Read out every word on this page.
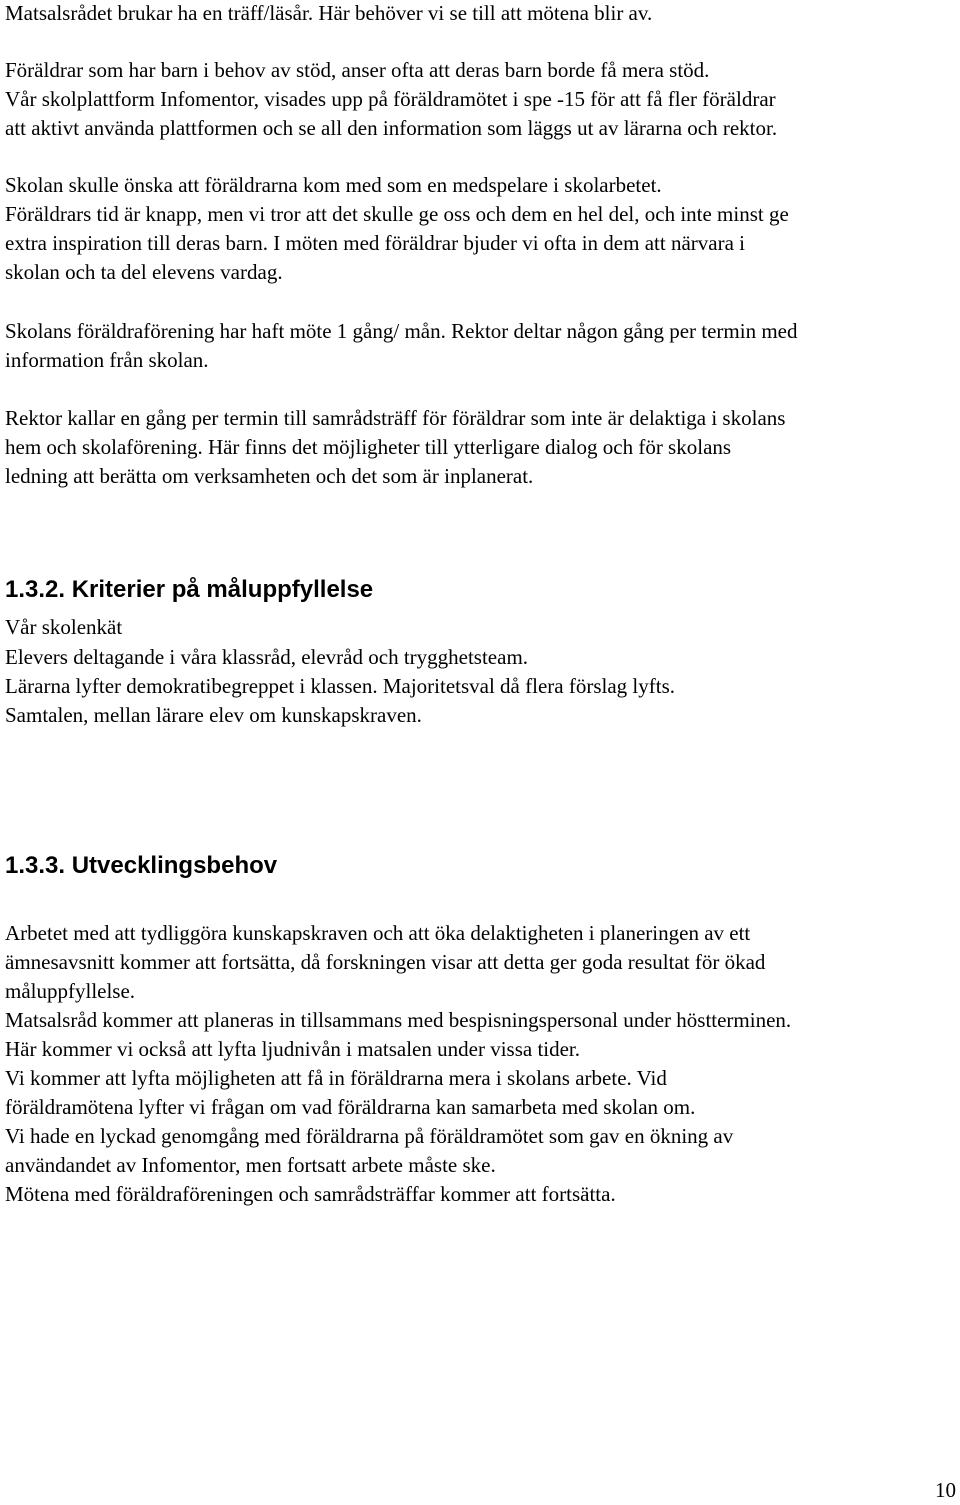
Matsalsrådet brukar ha en träff/läsår. Här behöver vi se till att mötena blir av.
Föräldrar som har barn i behov av stöd, anser ofta att deras barn borde få mera stöd.
Vår skolplattform Infomentor, visades upp på föräldramötet i spe -15 för att få fler föräldrar
att aktivt använda plattformen och se all den information som läggs ut av lärarna och rektor.
Skolan skulle önska att föräldrarna kom med som en medspelare i skolarbetet.
Föräldrars tid är knapp, men vi tror att det skulle ge oss och dem en hel del, och inte minst ge
extra inspiration till deras barn. I möten med föräldrar bjuder vi ofta in dem att närvara i
skolan och ta del elevens vardag.
Skolans föräldraförening har haft möte 1 gång/ mån. Rektor deltar någon gång per termin med
information från skolan.
Rektor kallar en gång per termin till samrådsträff för föräldrar som inte är delaktiga i skolans
hem och skolaförening. Här finns det möjligheter till ytterligare dialog och för skolans
ledning att berätta om verksamheten och det som är inplanerat.
1.3.2. Kriterier på måluppfyllelse
Vår skolenkät
Elevers deltagande i våra klassråd, elevråd och trygghetsteam.
Lärarna lyfter demokratibegreppet i klassen. Majoritetsval då flera förslag lyfts.
Samtalen, mellan lärare elev om kunskapskraven.
1.3.3. Utvecklingsbehov
Arbetet med att tydliggöra kunskapskraven och att öka delaktigheten i planeringen av ett
ämnesavsnitt kommer att fortsätta, då forskningen visar att detta ger goda resultat för ökad
måluppfyllelse.
Matsalsråd kommer att planeras in tillsammans med bespisningspersonal under höstterminen.
Här kommer vi också att lyfta ljudnivån i matsalen under vissa tider.
Vi kommer att lyfta möjligheten att få in föräldrarna mera i skolans arbete. Vid
föräldramötena lyfter vi frågan om vad föräldrarna kan samarbeta med skolan om.
Vi hade en lyckad genomgång med föräldrarna på föräldramötet som gav en ökning av
användandet av Infomentor, men fortsatt arbete måste ske.
Mötena med föräldraföreningen och samrådsträffar kommer att fortsätta.
10
